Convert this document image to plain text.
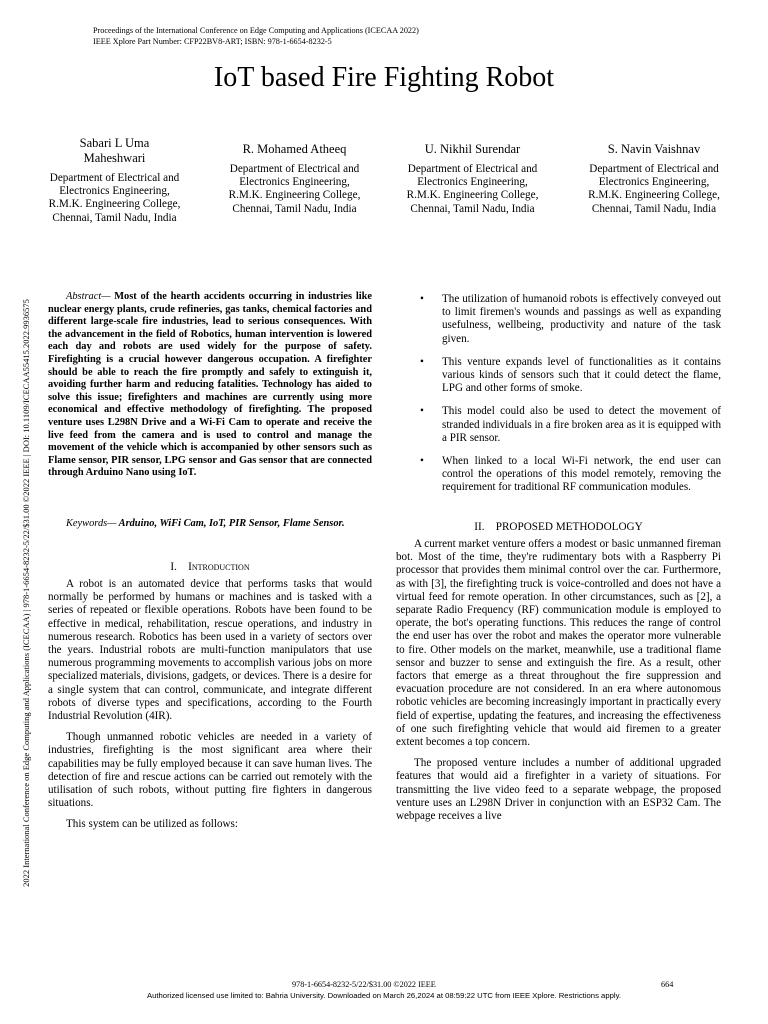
Proceedings of the International Conference on Edge Computing and Applications (ICECAA 2022)
IEEE Xplore Part Number: CFP22BV8-ART; ISBN: 978-1-6654-8232-5
IoT based Fire Fighting Robot
Sabari L Uma Maheshwari
Department of Electrical and Electronics Engineering, R.M.K. Engineering College, Chennai, Tamil Nadu, India
R. Mohamed Atheeq
Department of Electrical and Electronics Engineering, R.M.K. Engineering College, Chennai, Tamil Nadu, India
U. Nikhil Surendar
Department of Electrical and Electronics Engineering, R.M.K. Engineering College, Chennai, Tamil Nadu, India
S. Navin Vaishnav
Department of Electrical and Electronics Engineering, R.M.K. Engineering College, Chennai, Tamil Nadu, India
Abstract— Most of the hearth accidents occurring in industries like nuclear energy plants, crude refineries, gas tanks, chemical factories and different large-scale fire industries, lead to serious consequences. With the advancement in the field of Robotics, human intervention is lowered each day and robots are used widely for the purpose of safety. Firefighting is a crucial however dangerous occupation. A firefighter should be able to reach the fire promptly and safely to extinguish it, avoiding further harm and reducing fatalities. Technology has aided to solve this issue; firefighters and machines are currently using more economical and effective methodology of firefighting. The proposed venture uses L298N Drive and a Wi-Fi Cam to operate and receive the live feed from the camera and is used to control and manage the movement of the vehicle which is accompanied by other sensors such as Flame sensor, PIR sensor, LPG sensor and Gas sensor that are connected through Arduino Nano using IoT.
Keywords— Arduino, WiFi Cam, IoT, PIR Sensor, Flame Sensor.
I. Introduction

A robot is an automated device that performs tasks that would normally be performed by humans or machines and is tasked with a series of repeated or flexible operations. Robots have been found to be effective in medical, rehabilitation, rescue operations, and industry in numerous research. Robotics has been used in a variety of sectors over the years. Industrial robots are multi-function manipulators that use numerous programming movements to accomplish various jobs on more specialized materials, divisions, gadgets, or devices. There is a desire for a single system that can control, communicate, and integrate different robots of diverse types and specifications, according to the Fourth Industrial Revolution (4IR).

Though unmanned robotic vehicles are needed in a variety of industries, firefighting is the most significant area where their capabilities may be fully employed because it can save human lives. The detection of fire and rescue actions can be carried out remotely with the utilisation of such robots, without putting fire fighters in dangerous situations.

This system can be utilized as follows:

• The utilization of humanoid robots is effectively conveyed out to limit firemen's wounds and passings as well as expanding usefulness, wellbeing, productivity and nature of the task given.
• This venture expands level of functionalities as it contains various kinds of sensors such that it could detect the flame, LPG and other forms of smoke.
• This model could also be used to detect the movement of stranded individuals in a fire broken area as it is equipped with a PIR sensor.
• When linked to a local Wi-Fi network, the end user can control the operations of this model remotely, removing the requirement for traditional RF communication modules.
II. PROPOSED METHODOLOGY

A current market venture offers a modest or basic unmanned fireman bot. Most of the time, they're rudimentary bots with a Raspberry Pi processor that provides them minimal control over the car. Furthermore, as with [3], the firefighting truck is voice-controlled and does not have a virtual feed for remote operation. In other circumstances, such as [2], a separate Radio Frequency (RF) communication module is employed to operate, the bot's operating functions. This reduces the range of control the end user has over the robot and makes the operator more vulnerable to fire. Other models on the market, meanwhile, use a traditional flame sensor and buzzer to sense and extinguish the fire. As a result, other factors that emerge as a threat throughout the fire suppression and evacuation procedure are not considered. In an era where autonomous robotic vehicles are becoming increasingly important in practically every field of expertise, updating the features, and increasing the effectiveness of one such firefighting vehicle that would aid firemen to a greater extent becomes a top concern.

The proposed venture includes a number of additional upgraded features that would aid a firefighter in a variety of situations. For transmitting the live video feed to a separate webpage, the proposed venture uses an L298N Driver in conjunction with an ESP32 Cam. The webpage receives a live

2022 International Conference on Edge Computing and Applications (ICECAA) | 978-1-6654-8232-5/22/$31.00 ©2022 IEEE | DOI: 10.1109/ICECAA55415.2022.9936575
978-1-6654-8232-5/22/$31.00 ©2022 IEEE	664
Authorized licensed use limited to: Bahria University. Downloaded on March 26,2024 at 08:59:22 UTC from IEEE Xplore. Restrictions apply.
